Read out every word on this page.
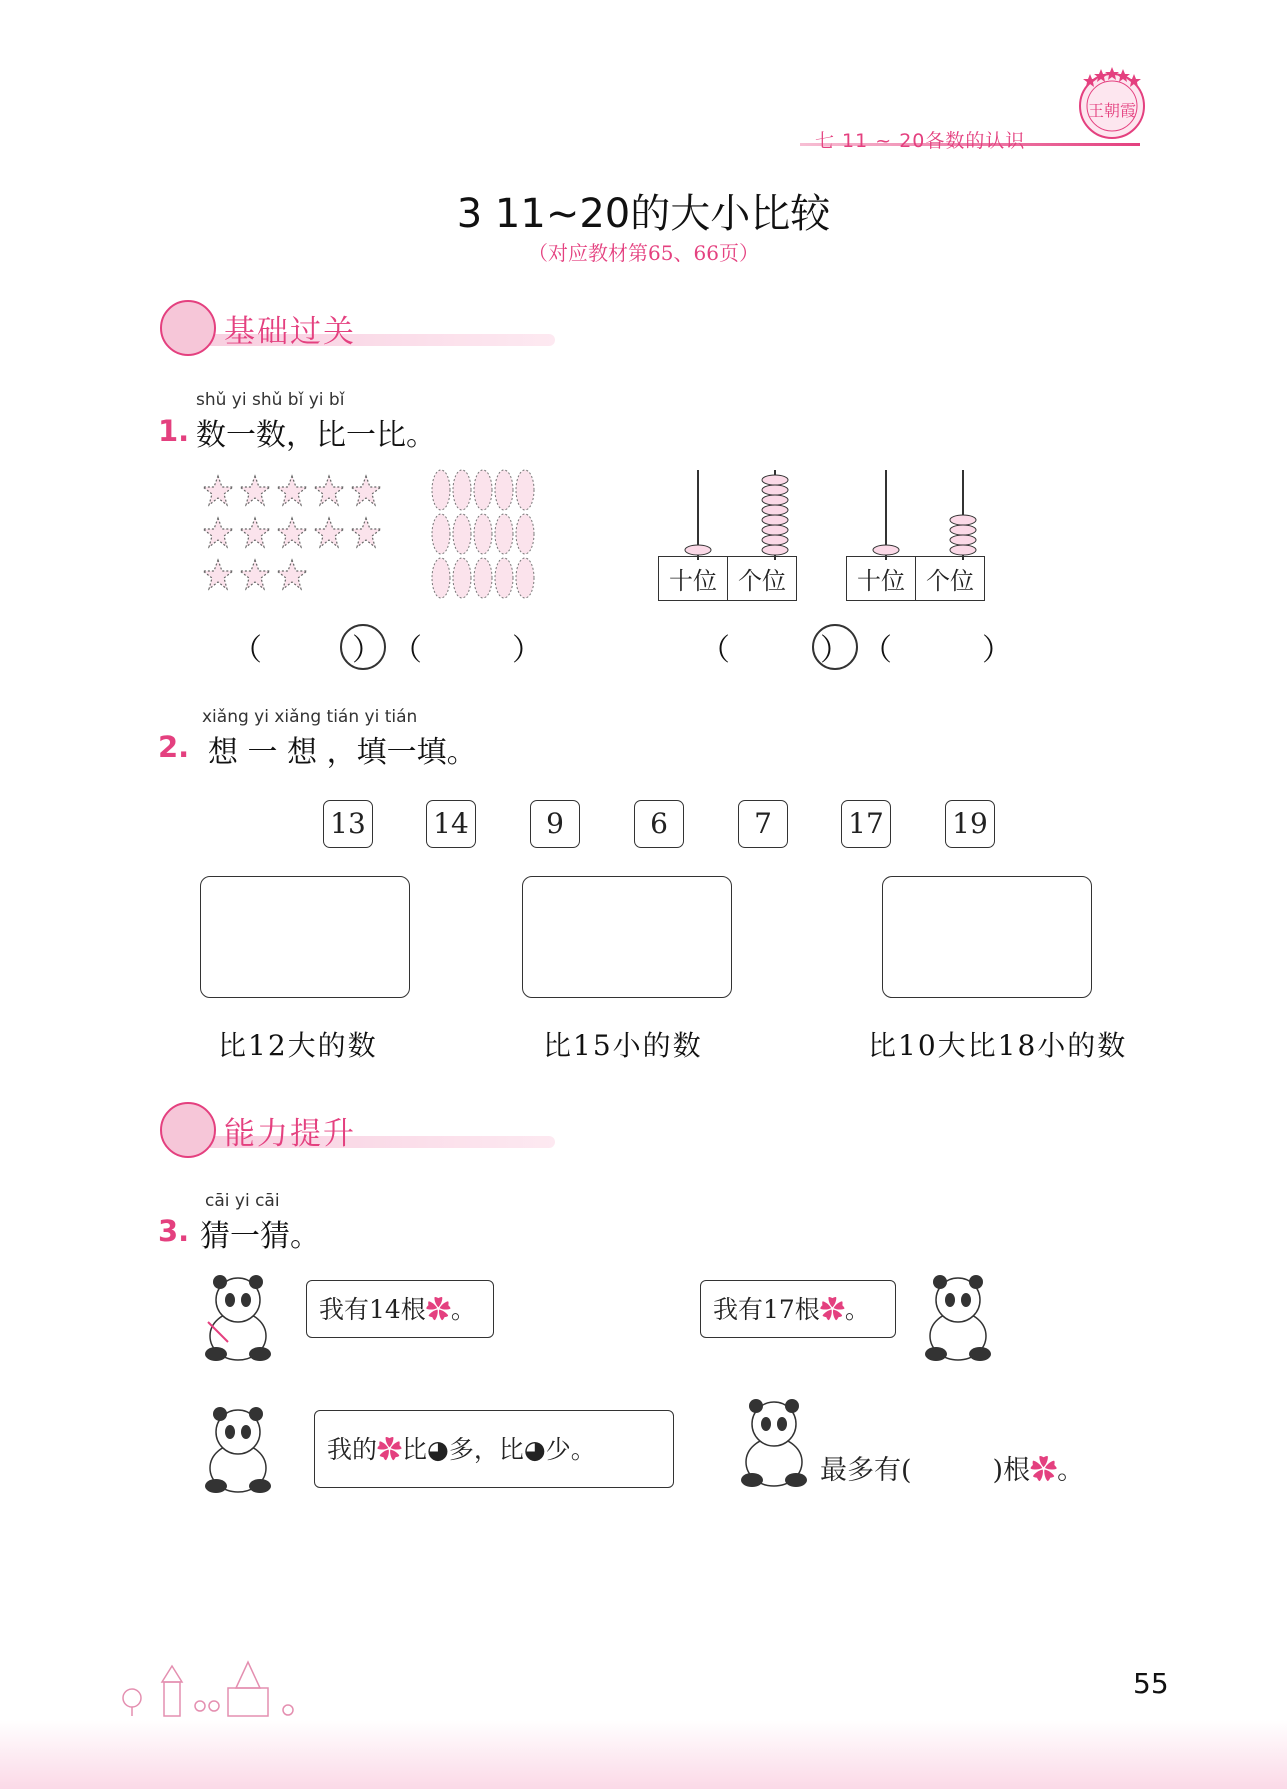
七 11 ~ 20各数的认识
王朝霞
3 11~20的大小比较
（对应教材第65、66页）
基础过关
shǔ yi shǔ bǐ yi bǐ
1. 数一数，比一比。
十位	个位	十位	个位
（　　　） （　　　）	（　　　） （　　　）
xiǎng yi xiǎng tián yi tián
2. 想 一 想 ，填一填。
13 14	9	6	7	17 19
比12大的数	比15小的数	比10大比18小的数
能力提升
cāi yi cāi
3. 猜一猜。
我有14根✿。	我有17根✿。
我的✿比◕多，比◕少。
最多有(　　　)根✿。
55
